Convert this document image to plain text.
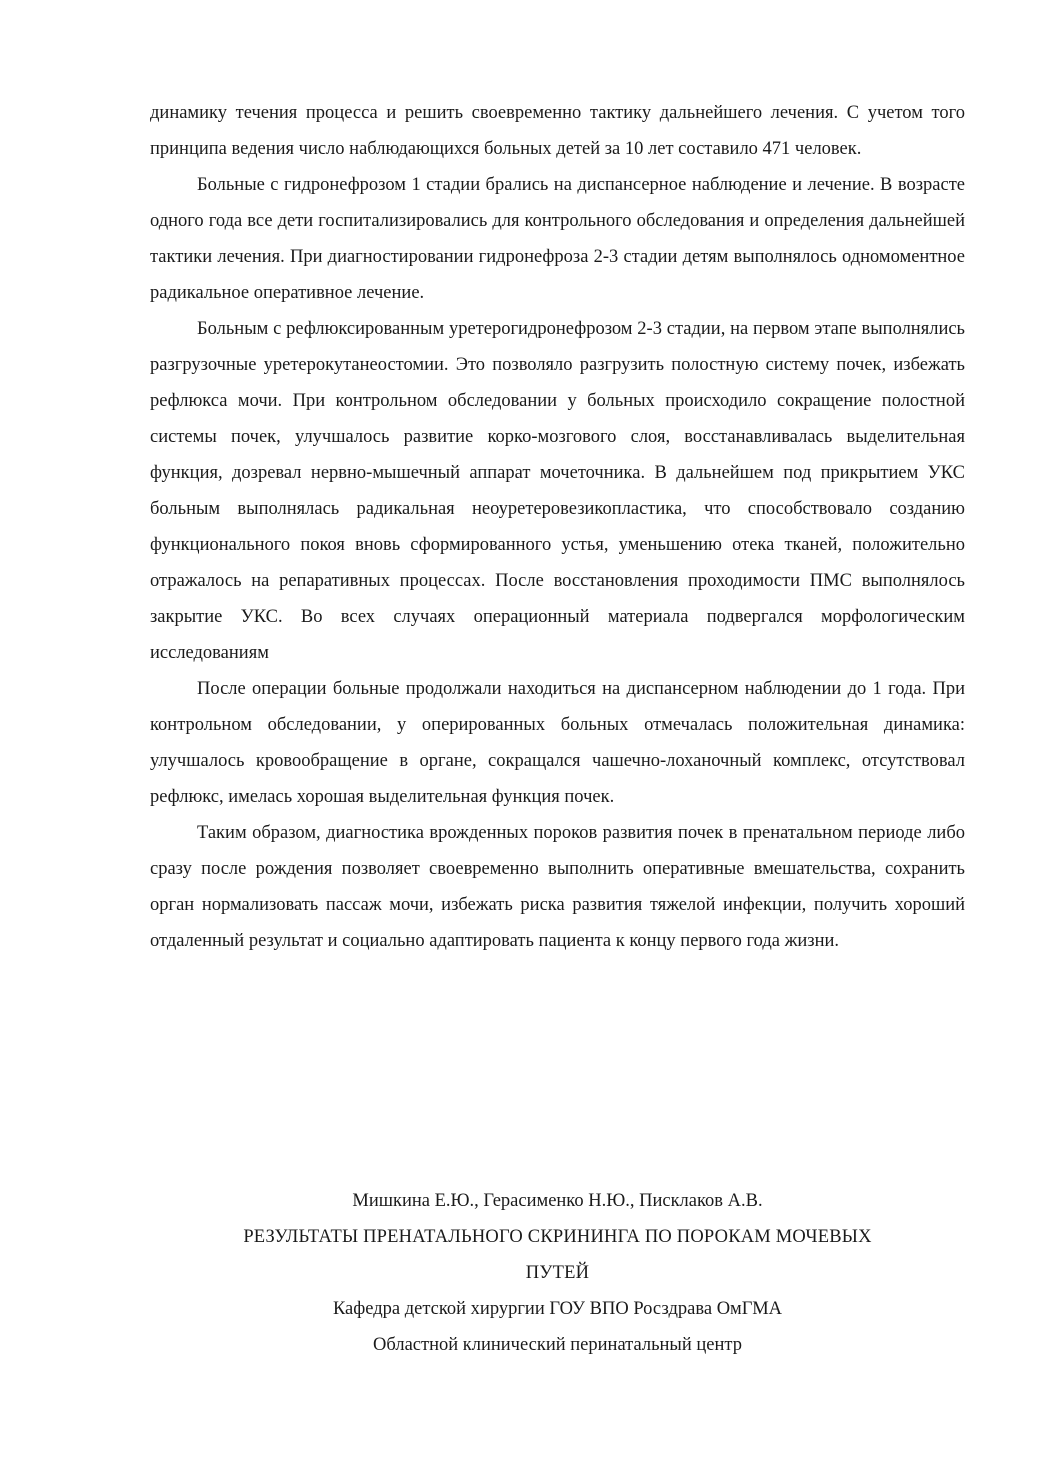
динамику течения процесса и решить своевременно тактику дальнейшего лечения. С учетом того принципа ведения число наблюдающихся больных детей за 10 лет составило 471 человек.

Больные с гидронефрозом 1 стадии брались на диспансерное наблюдение и лечение. В возрасте одного года все дети госпитализировались для контрольного обследования и определения дальнейшей тактики лечения. При диагностировании гидронефроза 2-3 стадии детям выполнялось одномоментное радикальное оперативное лечение.

Больным с рефлюксированным уретерогидронефрозом 2-3 стадии, на первом этапе выполнялись разгрузочные уретерокутанеостомии. Это позволяло разгрузить полостную систему почек, избежать рефлюкса мочи. При контрольном обследовании у больных происходило сокращение полостной системы почек, улучшалось развитие корко-мозгового слоя, восстанавливалась выделительная функция, дозревал нервно-мышечный аппарат мочеточника. В дальнейшем под прикрытием УКС больным выполнялась радикальная неоуретеровезикопластика, что способствовало созданию функционального покоя вновь сформированного устья, уменьшению отека тканей, положительно отражалось на репаративных процессах. После восстановления проходимости ПМС выполнялось закрытие УКС. Во всех случаях операционный материала подвергался морфологическим исследованиям

После операции больные продолжали находиться на диспансерном наблюдении до 1 года. При контрольном обследовании, у оперированных больных отмечалась положительная динамика: улучшалось кровообращение в органе, сокращался чашечно-лоханочный комплекс, отсутствовал рефлюкс, имелась хорошая выделительная функция почек.

Таким образом, диагностика врожденных пороков развития почек в пренатальном периоде либо сразу после рождения позволяет своевременно выполнить оперативные вмешательства, сохранить орган нормализовать пассаж мочи, избежать риска развития тяжелой инфекции, получить хороший отдаленный результат и социально адаптировать пациента к концу первого года жизни.

Мишкина Е.Ю., Герасименко Н.Ю., Писклаков А.В.
РЕЗУЛЬТАТЫ ПРЕНАТАЛЬНОГО СКРИНИНГА ПО ПОРОКАМ МОЧЕВЫХ
ПУТЕЙ
Кафедра детской хирургии ГОУ ВПО Росздрава ОмГМА
Областной клинический перинатальный центр
